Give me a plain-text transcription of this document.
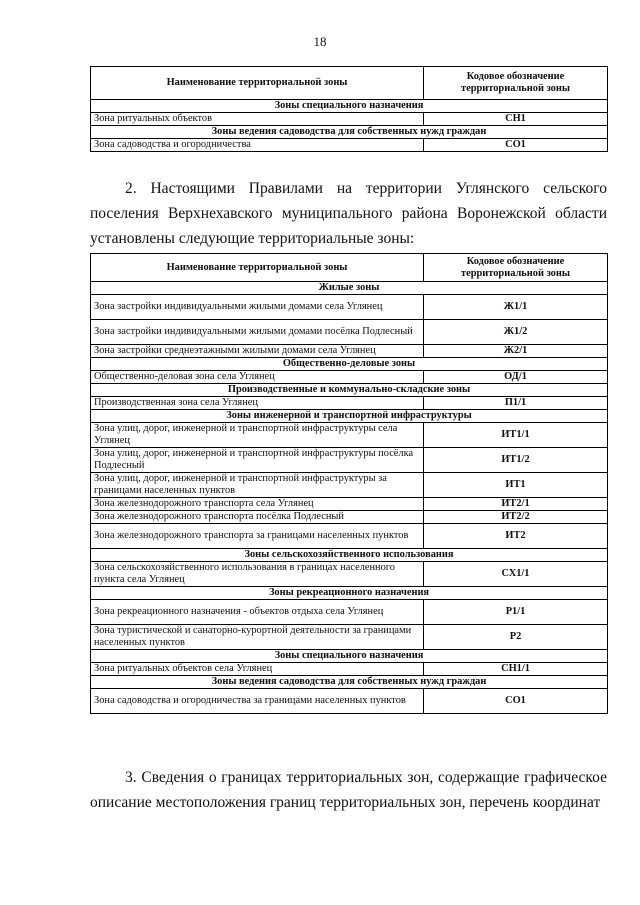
18
Наименование территориальной зоны	Кодовое обозначение территориальной зоны
Зоны специального назначения	
Зона ритуальных объектов	СН1
Зоны ведения садоводства для собственных нужд граждан	
Зона садоводства и огородничества	СО1

2. Настоящими Правилами на территории Углянского сельского поселения Верхнехавского муниципального района Воронежской области установлены следующие территориальные зоны:

Наименование территориальной зоны	Кодовое обозначение территориальной зоны
Жилые зоны	
Зона застройки индивидуальными жилыми домами села Углянец	Ж1/1
Зона застройки индивидуальными жилыми домами посёлка Подлесный	Ж1/2
Зона застройки среднеэтажными жилыми домами села Углянец	Ж2/1
Общественно-деловые зоны	
Общественно-деловая зона села Углянец	ОД/1
Производственные и коммунально-складские зоны	
Производственная зона села Углянец	П1/1
Зоны инженерной и транспортной инфраструктуры	
Зона улиц, дорог, инженерной и транспортной инфраструктуры села Углянец	ИТ1/1
Зона улиц, дорог, инженерной и транспортной инфраструктуры посёлка Подлесный	ИТ1/2
Зона улиц, дорог, инженерной и транспортной инфраструктуры за границами населенных пунктов	ИТ1
Зона железнодорожного транспорта села Углянец	ИТ2/1
Зона железнодорожного транспорта посёлка Подлесный	ИТ2/2
Зона железнодорожного транспорта за границами населенных пунктов	ИТ2
Зоны сельскохозяйственного использования	
Зона сельскохозяйственного использования в границах населенного пункта села Углянец	СХ1/1
Зоны рекреационного назначения	
Зона рекреационного назначения - объектов отдыха села Углянец	Р1/1
Зона туристической и санаторно-курортной деятельности за границами населенных пунктов	Р2
Зоны специального назначения	
Зона ритуальных объектов села Углянец	СН1/1
Зоны ведения садоводства для собственных нужд граждан	
Зона садоводства и огородничества за границами населенных пунктов	СО1

3. Сведения о границах территориальных зон, содержащие графическое описание местоположения границ территориальных зон, перечень координат
